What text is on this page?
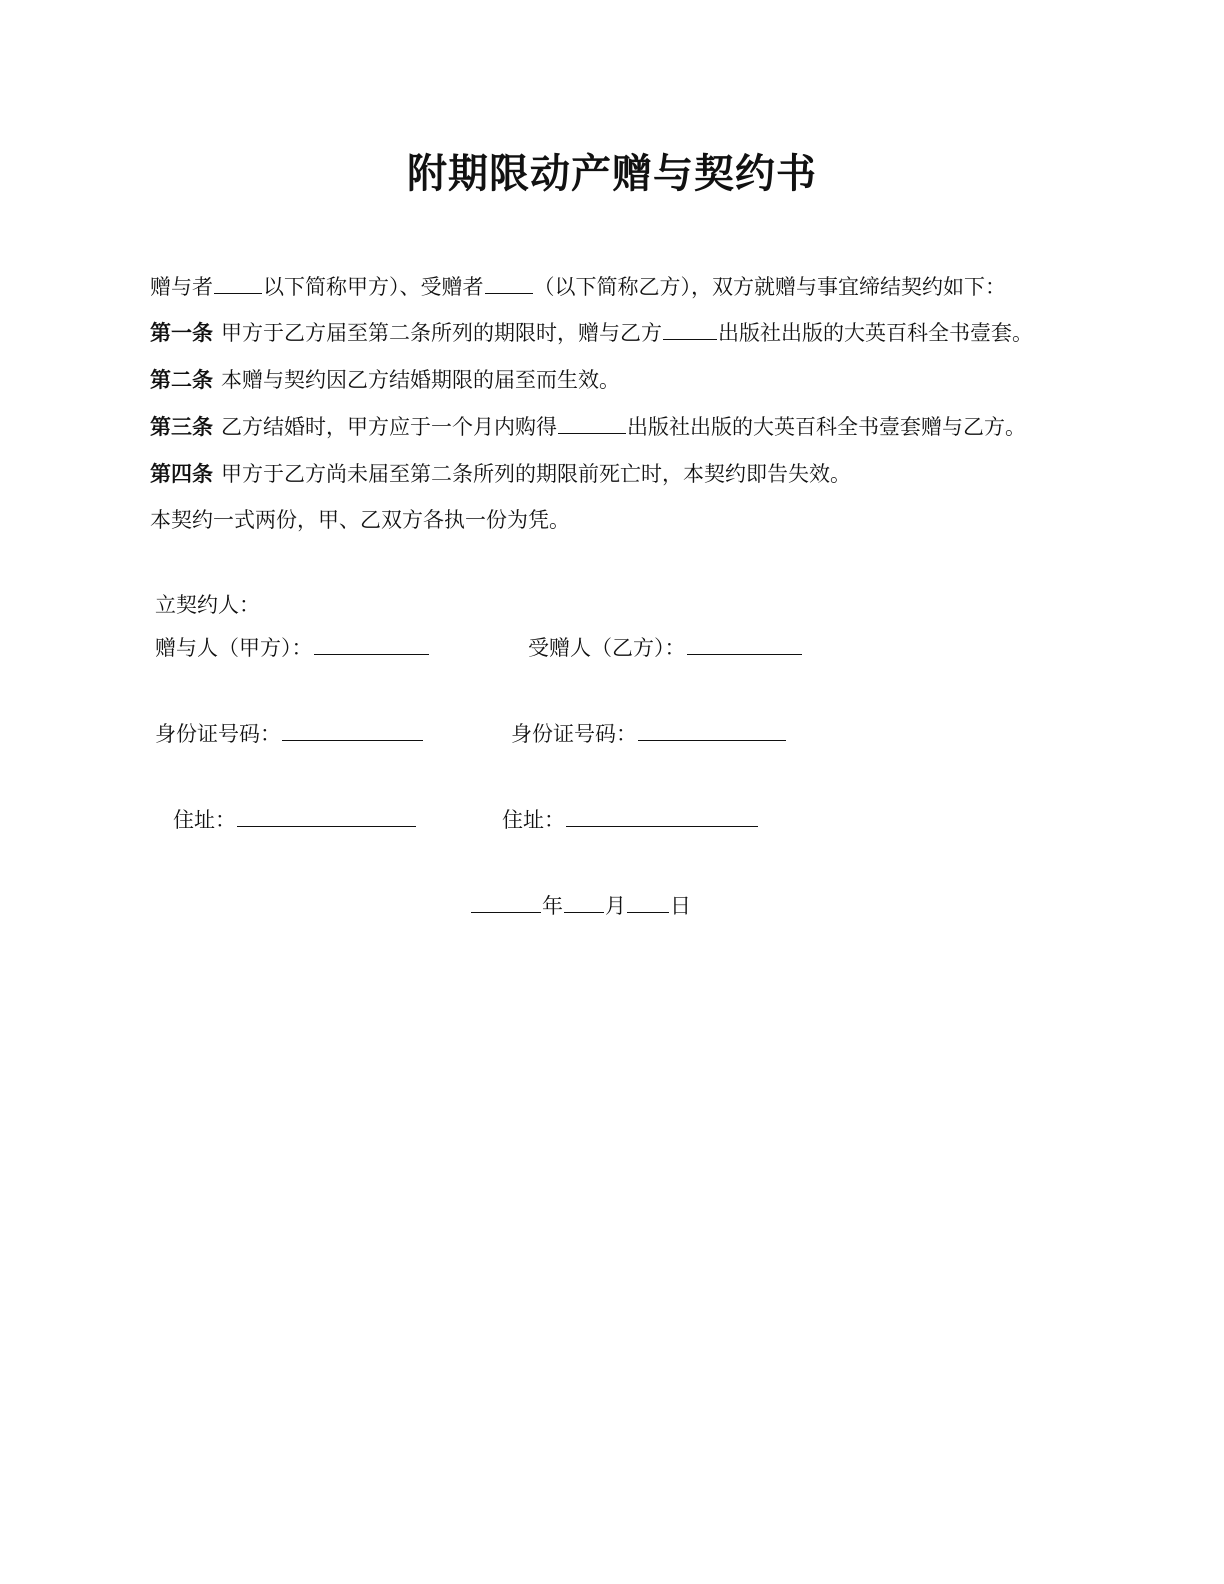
附期限动产赠与契约书
赠与者 以下简称甲方）、受赠者 （以下简称乙方），双方就赠与事宜缔结契约如下：
第一条 甲方于乙方届至第二条所列的期限时，赠与乙方	出版社出版的大英百科全书壹套。
第二条 本赠与契约因乙方结婚期限的届至而生效。
第三条 乙方结婚时，甲方应于一个月内购得	出版社出版的大英百科全书壹套赠与乙方。
第四条 甲方于乙方尚未届至第二条所列的期限前死亡时，本契约即告失效。
本契约一式两份，甲、乙双方各执一份为凭。
立契约人：
赠与人（甲方）：	受赠人（乙方）：
身份证号码：	身份证号码：
住址：	住址：
年 月 日
